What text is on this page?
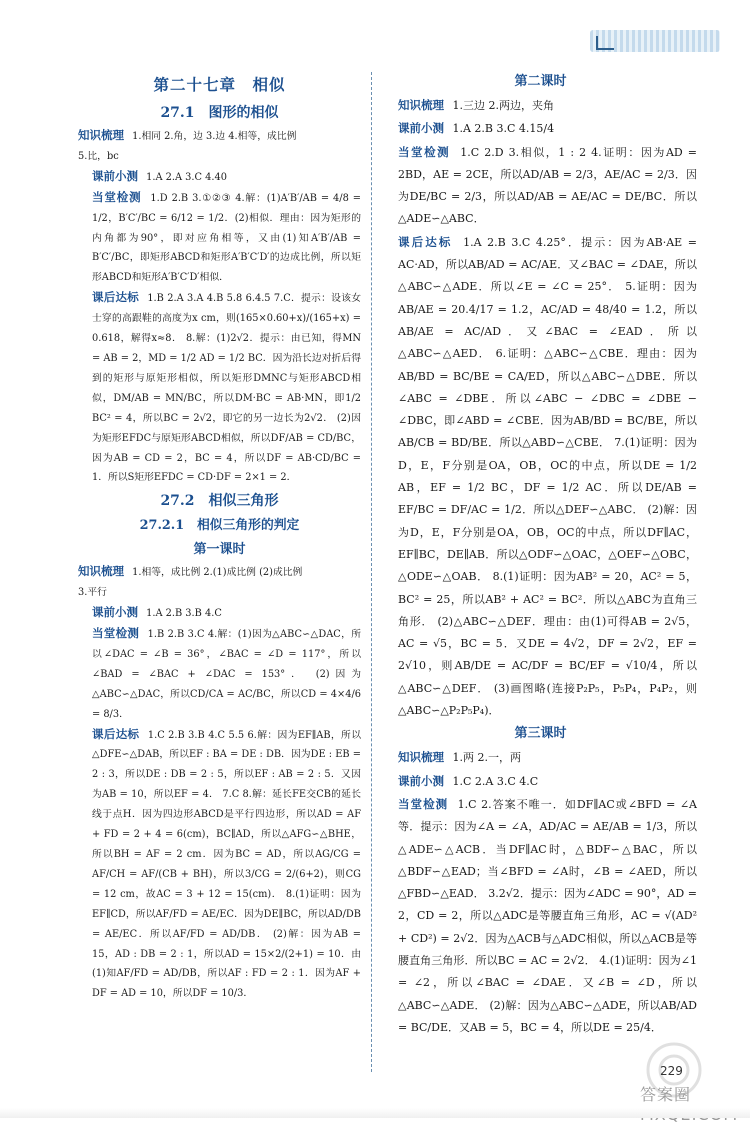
第二十七章　相似
27.1　图形的相似

知识梳理 1.相同 2.角，边 3.边 4.相等，成比例

5.比，bc

课前小测 1.A 2.A 3.C 4.40

当堂检测 1.D 2.B 3.①②③ 4.解：(1)A′B′/AB = 4/8 = 1/2，B′C′/BC = 6/12 = 1/2．(2)相似．理由：因为矩形的内角都为90°，即对应角相等，又由(1)知A′B′/AB = B′C′/BC，即矩形ABCD和矩形A′B′C′D′的边成比例，所以矩形ABCD和矩形A′B′C′D′相似．

课后达标 1.B 2.A 3.A 4.B 5.8 6.4.5 7.C．提示：设该女士穿的高跟鞋的高度为x cm，则(165×0.60+x)/(165+x) = 0.618，解得x≈8． 8.解：(1)2√2．提示：由已知，得MN = AB = 2，MD = 1/2 AD = 1/2 BC．因为沿长边对折后得到的矩形与原矩形相似，所以矩形DMNC与矩形ABCD相似，DM/AB = MN/BC，所以DM·BC = AB·MN，即1/2 BC² = 4，所以BC = 2√2，即它的另一边长为2√2． (2)因为矩形EFDC与原矩形ABCD相似，所以DF/AB = CD/BC，因为AB = CD = 2，BC = 4，所以DF = AB·CD/BC = 1．所以S矩形EFDC = CD·DF = 2×1 = 2．

27.2　相似三角形
27.2.1　相似三角形的判定
第一课时

知识梳理 1.相等，成比例 2.(1)成比例 (2)成比例

3.平行

课前小测 1.A 2.B 3.B 4.C

当堂检测 1.B 2.B 3.C 4.解：(1)因为△ABC∽△DAC，所以∠DAC = ∠B = 36°，∠BAC = ∠D = 117°，所以∠BAD = ∠BAC + ∠DAC = 153°． (2)因为△ABC∽△DAC，所以CD/CA = AC/BC，所以CD = 4×4/6 = 8/3．

课后达标 1.C 2.B 3.B 4.C 5.5 6.解：因为EF∥AB，所以△DFE∽△DAB，所以EF : BA = DE : DB．因为DE : EB = 2 : 3，所以DE : DB = 2 : 5，所以EF : AB = 2 : 5．又因为AB = 10，所以EF = 4． 7.C 8.解：延长FE交CB的延长线于点H．因为四边形ABCD是平行四边形，所以AD = AF + FD = 2 + 4 = 6(cm)，BC∥AD，所以△AFG∽△BHE，所以BH = AF = 2 cm．因为BC = AD，所以AG/CG = AF/CH = AF/(CB + BH)，所以3/CG = 2/(6+2)，则CG = 12 cm，故AC = 3 + 12 = 15(cm)． 8.(1)证明：因为EF∥CD，所以AF/FD = AE/EC．因为DE∥BC，所以AD/DB = AE/EC．所以AF/FD = AD/DB． (2)解：因为AB = 15，AD : DB = 2 : 1，所以AD = 15×2/(2+1) = 10．由(1)知AF/FD = AD/DB，所以AF : FD = 2 : 1．因为AF + DF = AD = 10，所以DF = 10/3．

第二课时

知识梳理 1.三边 2.两边，夹角

课前小测 1.A 2.B 3.C 4.15/4

当堂检测 1.C 2.D 3.相似，1 : 2 4.证明：因为AD = 2BD，AE = 2CE，所以AD/AB = 2/3，AE/AC = 2/3．因为DE/BC = 2/3，所以AD/AB = AE/AC = DE/BC．所以△ADE∽△ABC．

课后达标 1.A 2.B 3.C 4.25°．提示：因为AB·AE = AC·AD，所以AB/AD = AC/AE．又∠BAC = ∠DAE，所以△ABC∽△ADE．所以∠E = ∠C = 25°． 5.证明：因为AB/AE = 20.4/17 = 1.2，AC/AD = 48/40 = 1.2，所以AB/AE = AC/AD．又∠BAC = ∠EAD．所以△ABC∽△AED． 6.证明：△ABC∽△CBE．理由：因为AB/BD = BC/BE = CA/ED，所以△ABC∽△DBE．所以∠ABC = ∠DBE．所以∠ABC − ∠DBC = ∠DBE − ∠DBC，即∠ABD = ∠CBE．因为AB/BD = BC/BE，所以AB/CB = BD/BE．所以△ABD∽△CBE． 7.(1)证明：因为D，E，F分别是OA，OB，OC的中点，所以DE = 1/2 AB，EF = 1/2 BC，DF = 1/2 AC．所以DE/AB = EF/BC = DF/AC = 1/2．所以△DEF∽△ABC． (2)解：因为D，E，F分别是OA，OB，OC的中点，所以DF∥AC，EF∥BC，DE∥AB．所以△ODF∽△OAC，△OEF∽△OBC，△ODE∽△OAB． 8.(1)证明：因为AB² = 20，AC² = 5，BC² = 25，所以AB² + AC² = BC²．所以△ABC为直角三角形． (2)△ABC∽△DEF．理由：由(1)可得AB = 2√5，AC = √5，BC = 5．又DE = 4√2，DF = 2√2，EF = 2√10，则AB/DE = AC/DF = BC/EF = √10/4，所以△ABC∽△DEF． (3)画图略(连接P₂P₅，P₅P₄，P₄P₂，则△ABC∽△P₂P₅P₄)．

第三课时

知识梳理 1.两 2.一，两

课前小测 1.C 2.A 3.C 4.C

当堂检测 1.C 2.答案不唯一．如DF∥AC或∠BFD = ∠A等．提示：因为∠A = ∠A，AD/AC = AE/AB = 1/3，所以△ADE∽△ACB．当DF∥AC时，△BDF∽△BAC，所以△BDF∽△EAD；当∠BFD = ∠A时，∠B = ∠AED，所以△FBD∽△EAD． 3.2√2．提示：因为∠ADC = 90°，AD = 2，CD = 2，所以△ADC是等腰直角三角形，AC = √(AD² + CD²) = 2√2．因为△ACB与△ADC相似，所以△ACB是等腰直角三角形．所以BC = AC = 2√2． 4.(1)证明：因为∠1 = ∠2，所以∠BAC = ∠DAE．又∠B = ∠D，所以△ABC∽△ADE． (2)解：因为△ABC∽△ADE，所以AB/AD = BC/DE．又AB = 5，BC = 4，所以DE = 25/4．

答案圈
229
